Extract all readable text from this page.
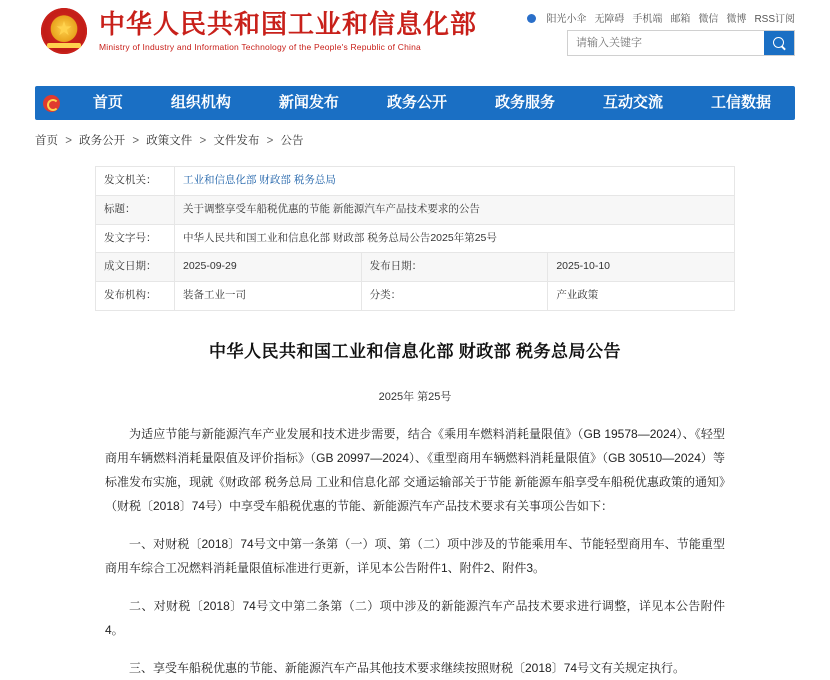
★
中华人民共和国工业和信息化部
Ministry of Industry and Information Technology of the People's Republic of China
阳光小伞 无障碍 手机端 邮箱 微信 微博 RSS订阅
请输入关键字
首页	组织机构	新闻发布	政务公开	政务服务	互动交流	工信数据
首页 > 政务公开 > 政策文件 > 文件发布 > 公告
发文机关：	工业和信息化部 财政部 税务总局		
标题：	关于调整享受车船税优惠的节能 新能源汽车产品技术要求的公告		
发文字号：	中华人民共和国工业和信息化部 财政部 税务总局公告2025年第25号		
成文日期：	2025-09-29	发布日期：	2025-10-10
发布机构：	装备工业一司	分类：	产业政策
中华人民共和国工业和信息化部 财政部 税务总局公告
2025年 第25号

为适应节能与新能源汽车产业发展和技术进步需要，结合《乘用车燃料消耗量限值》（GB 19578—2024）、《轻型商用车辆燃料消耗量限值及评价指标》（GB 20997—2024）、《重型商用车辆燃料消耗量限值》（GB 30510—2024）等标准发布实施，现就《财政部 税务总局 工业和信息化部 交通运输部关于节能 新能源车船享受车船税优惠政策的通知》（财税〔2018〕74号）中享受车船税优惠的节能、新能源汽车产品技术要求有关事项公告如下：

一、对财税〔2018〕74号文中第一条第（一）项、第（二）项中涉及的节能乘用车、节能轻型商用车、节能重型商用车综合工况燃料消耗量限值标准进行更新，详见本公告附件1、附件2、附件3。

二、对财税〔2018〕74号文中第二条第（二）项中涉及的新能源汽车产品技术要求进行调整，详见本公告附件4。

三、享受车船税优惠的节能、新能源汽车产品其他技术要求继续按照财税〔2018〕74号文有关规定执行。
